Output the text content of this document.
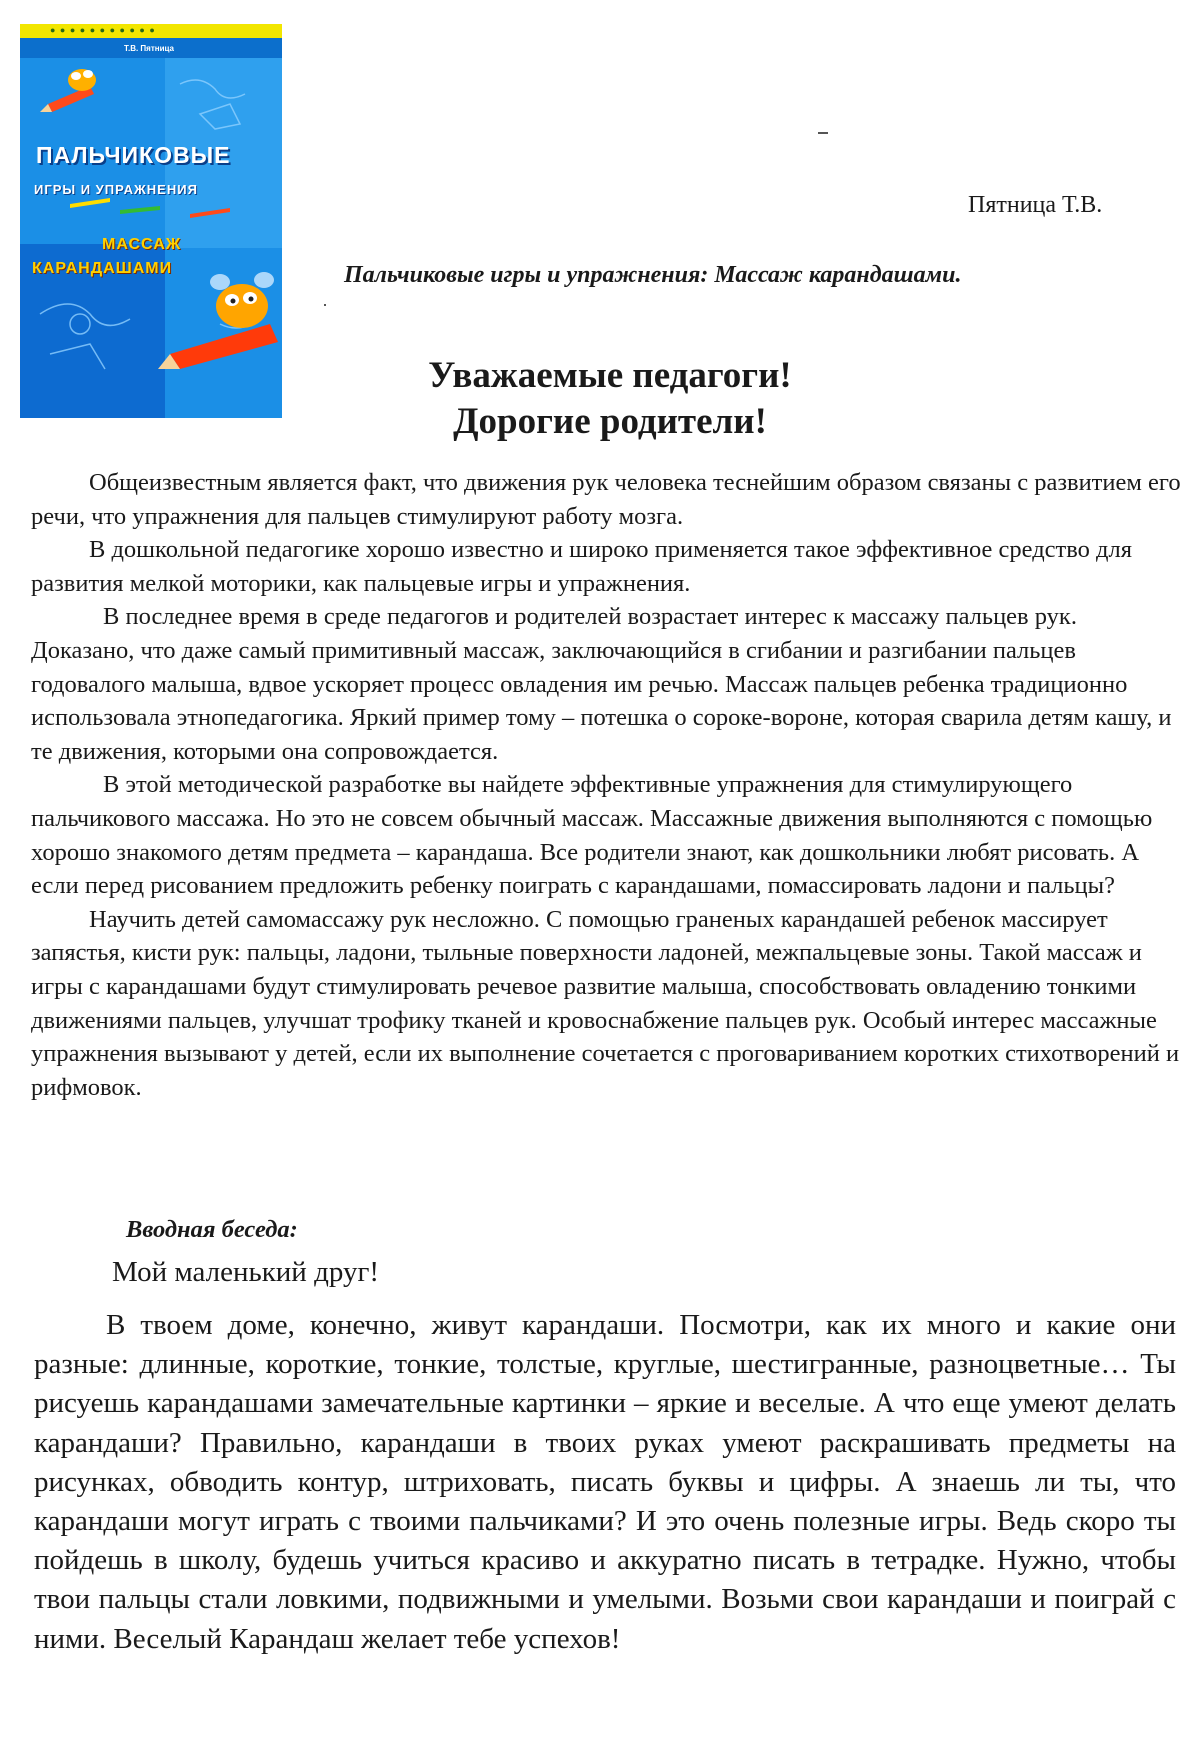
● ● ● ● ● ● ● ● ● ● ●
Т.В. Пятница
ПАЛЬЧИКОВЫЕ
ИГРЫ И УПРАЖНЕНИЯ
МАССАЖ
КАРАНДАШАМИ
Пятница Т.В.
Пальчиковые игры и упражнения: Массаж карандашами.
Уважаемые педагоги!
Дорогие родители!

Общеизвестным является факт, что движения рук человека теснейшим образом связаны с развитием его речи, что упражнения для пальцев стимулируют работу мозга.

В дошкольной педагогике хорошо известно и широко применяется такое эффективное средство для развития мелкой моторики, как пальцевые игры и упражнения.

В последнее время в среде педагогов и родителей возрастает интерес к массажу пальцев рук. Доказано, что даже самый примитивный массаж, заключающийся в сгибании и разгибании пальцев годовалого малыша, вдвое ускоряет процесс овладения им речью. Массаж пальцев ребенка традиционно использовала этнопедагогика. Яркий пример тому – потешка о сороке-вороне, которая сварила детям кашу, и те движения, которыми она сопровождается.

В этой методической разработке вы найдете эффективные упражнения для стимулирующего пальчикового массажа. Но это не совсем обычный массаж. Массажные движения выполняются с помощью хорошо знакомого детям предмета – карандаша. Все родители знают, как дошкольники любят рисовать. А если перед рисованием предложить ребенку поиграть с карандашами, помассировать ладони и пальцы?

Научить детей самомассажу рук несложно. С помощью граненых карандашей ребенок массирует запястья, кисти рук: пальцы, ладони, тыльные поверхности ладоней, межпальцевые зоны. Такой массаж и игры с карандашами будут стимулировать речевое развитие малыша, способствовать овладению тонкими движениями пальцев, улучшат трофику тканей и кровоснабжение пальцев рук. Особый интерес массажные упражнения вызывают у детей, если их выполнение сочетается с проговариванием коротких стихотворений и рифмовок.

Вводная беседа:
Мой маленький друг!

В твоем доме, конечно, живут карандаши. Посмотри, как их много и какие они разные: длинные, короткие, тонкие, толстые, круглые, шестигранные, разноцветные… Ты рисуешь карандашами замечательные картинки – яркие и веселые. А что еще умеют делать карандаши? Правильно, карандаши в твоих руках умеют раскрашивать предметы на рисунках, обводить контур, штриховать, писать буквы и цифры. А знаешь ли ты, что карандаши могут играть с твоими пальчиками? И это очень полезные игры. Ведь скоро ты пойдешь в школу, будешь учиться красиво и аккуратно писать в тетрадке. Нужно, чтобы твои пальцы стали ловкими, подвижными и умелыми. Возьми свои карандаши и поиграй с ними. Веселый Карандаш желает тебе успехов!
